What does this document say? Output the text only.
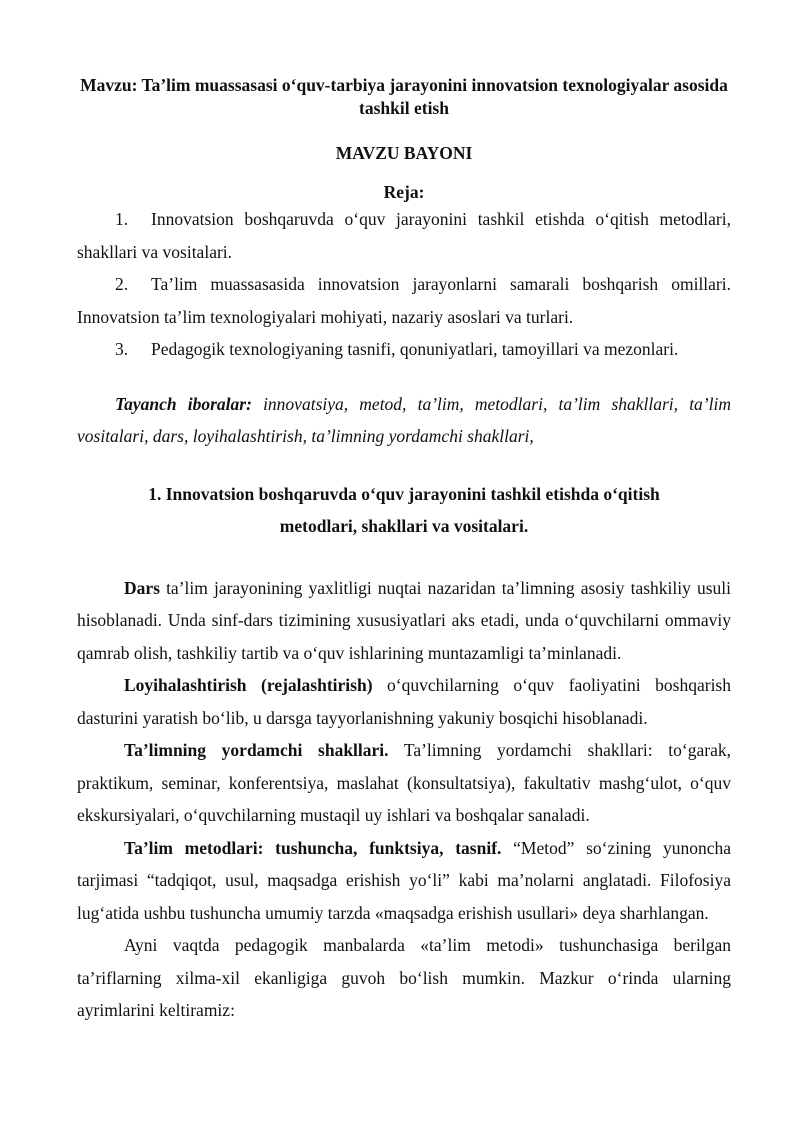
Mavzu: Ta’lim muassasasi o‘quv-tarbiya jarayonini innovatsion texnologiyalar asosida tashkil etish

MAVZU BAYONI

Reja:

1. Innovatsion boshqaruvda o‘quv jarayonini tashkil etishda o‘qitish metodlari, shakllari va vositalari.

2. Ta’lim muassasasida innovatsion jarayonlarni samarali boshqarish omillari. Innovatsion ta’lim texnologiyalari mohiyati, nazariy asoslari va turlari.

3. Pedagogik texnologiyaning tasnifi, qonuniyatlari, tamoyillari va mezonlari.

Tayanch iboralar: innovatsiya, metod, ta’lim, metodlari, ta’lim shakllari, ta’lim vositalari, dars, loyihalashtirish, ta’limning yordamchi shakllari,

1. Innovatsion boshqaruvda o‘quv jarayonini tashkil etishda o‘qitish metodlari, shakllari va vositalari.

Dars ta’lim jarayonining yaxlitligi nuqtai nazaridan ta’limning asosiy tashkiliy usuli hisoblanadi. Unda sinf-dars tizimining xususiyatlari aks etadi, unda o‘quvchilarni ommaviy qamrab olish, tashkiliy tartib va o‘quv ishlarining muntazamligi ta’minlanadi.

Loyihalashtirish (rejalashtirish) o‘quvchilarning o‘quv faoliyatini boshqarish dasturini yaratish bo‘lib, u darsga tayyorlanishning yakuniy bosqichi hisoblanadi.

Ta’limning yordamchi shakllari. Ta’limning yordamchi shakllari: to‘garak, praktikum, seminar, konferentsiya, maslahat (konsultatsiya), fakultativ mashg‘ulot, o‘quv ekskursiyalari, o‘quvchilarning mustaqil uy ishlari va boshqalar sanaladi.

Ta’lim metodlari: tushuncha, funktsiya, tasnif. “Metod” so‘zining yunoncha tarjimasi “tadqiqot, usul, maqsadga erishish yo‘li” kabi ma’nolarni anglatadi. Filofosiya lug‘atida ushbu tushuncha umumiy tarzda «maqsadga erishish usullari» deya sharhlangan.

Ayni vaqtda pedagogik manbalarda «ta’lim metodi» tushunchasiga berilgan ta’riflarning xilma-xil ekanligiga guvoh bo‘lish mumkin. Mazkur o‘rinda ularning ayrimlarini keltiramiz:
